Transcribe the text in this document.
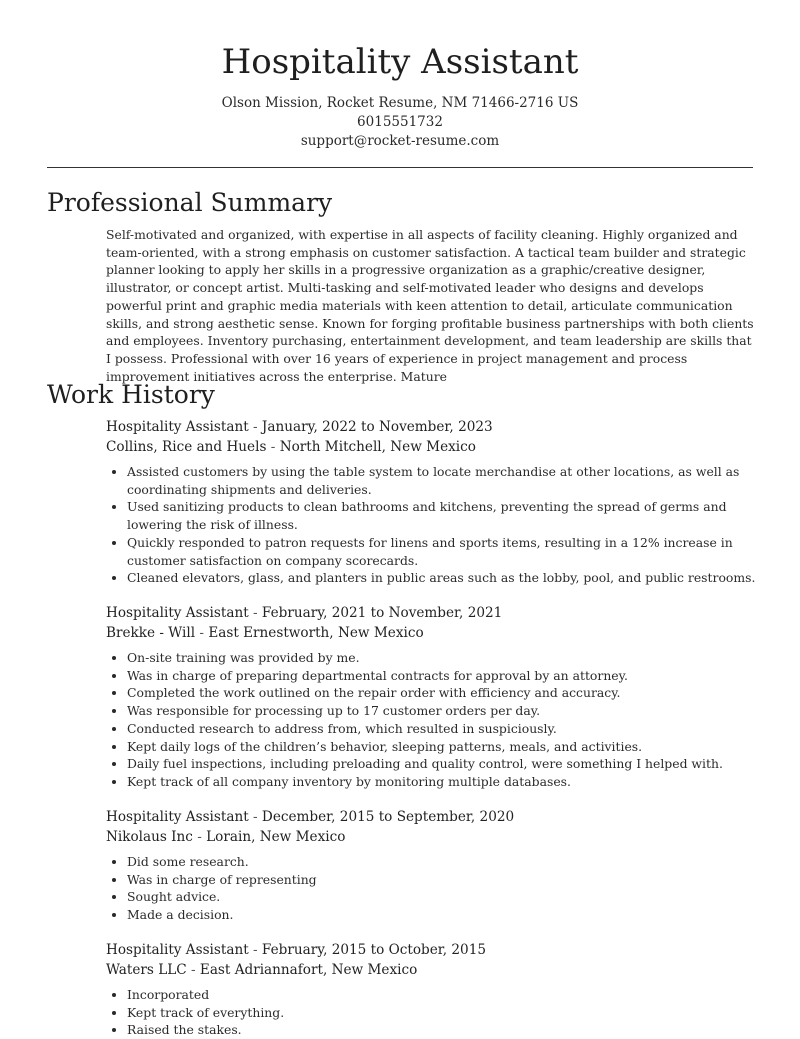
Hospitality Assistant
Olson Mission, Rocket Resume, NM 71466-2716 US
6015551732
support@rocket-resume.com
Professional Summary

Self-motivated and organized, with expertise in all aspects of facility cleaning. Highly organized and team-oriented, with a strong emphasis on customer satisfaction. A tactical team builder and strategic planner looking to apply her skills in a progressive organization as a graphic/creative designer, illustrator, or concept artist. Multi-tasking and self-motivated leader who designs and develops powerful print and graphic media materials with keen attention to detail, articulate communication skills, and strong aesthetic sense. Known for forging profitable business partnerships with both clients and employees. Inventory purchasing, entertainment development, and team leadership are skills that I possess. Professional with over 16 years of experience in project management and process improvement initiatives across the enterprise. Mature

Work History
Hospitality Assistant - January, 2022 to November, 2023
Collins, Rice and Huels - North Mitchell, New Mexico
• Assisted customers by using the table system to locate merchandise at other locations, as well as coordinating shipments and deliveries.
• Used sanitizing products to clean bathrooms and kitchens, preventing the spread of germs and lowering the risk of illness.
• Quickly responded to patron requests for linens and sports items, resulting in a 12% increase in customer satisfaction on company scorecards.
• Cleaned elevators, glass, and planters in public areas such as the lobby, pool, and public restrooms.
Hospitality Assistant - February, 2021 to November, 2021
Brekke - Will - East Ernestworth, New Mexico
• On-site training was provided by me.
• Was in charge of preparing departmental contracts for approval by an attorney.
• Completed the work outlined on the repair order with efficiency and accuracy.
• Was responsible for processing up to 17 customer orders per day.
• Conducted research to address from, which resulted in suspiciously.
• Kept daily logs of the children’s behavior, sleeping patterns, meals, and activities.
• Daily fuel inspections, including preloading and quality control, were something I helped with.
• Kept track of all company inventory by monitoring multiple databases.
Hospitality Assistant - December, 2015 to September, 2020
Nikolaus Inc - Lorain, New Mexico
• Did some research.
• Was in charge of representing
• Sought advice.
• Made a decision.
Hospitality Assistant - February, 2015 to October, 2015
Waters LLC - East Adriannafort, New Mexico
• Incorporated
• Kept track of everything.
• Raised the stakes.
